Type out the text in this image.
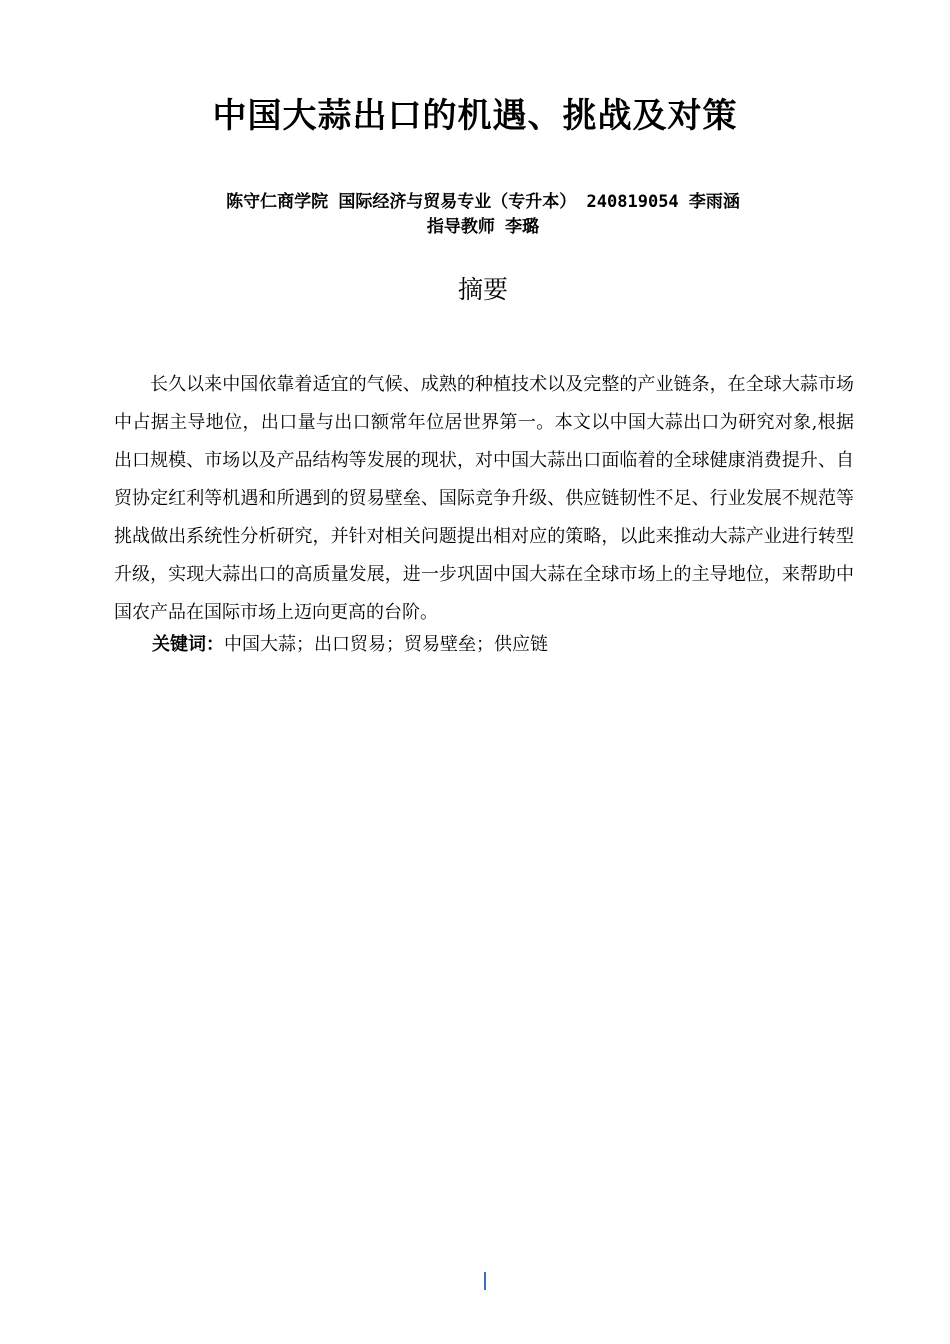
中国大蒜出口的机遇、挑战及对策
陈守仁商学院 国际经济与贸易专业（专升本） 240819054 李雨涵
指导教师 李璐
摘要

长久以来中国依靠着适宜的气候、成熟的种植技术以及完整的产业链条，在全球大蒜市场中占据主导地位，出口量与出口额常年位居世界第一。本文以中国大蒜出口为研究对象,根据出口规模、市场以及产品结构等发展的现状，对中国大蒜出口面临着的全球健康消费提升、自贸协定红利等机遇和所遇到的贸易壁垒、国际竞争升级、供应链韧性不足、行业发展不规范等挑战做出系统性分析研究，并针对相关问题提出相对应的策略，以此来推动大蒜产业进行转型升级，实现大蒜出口的高质量发展，进一步巩固中国大蒜在全球市场上的主导地位，来帮助中国农产品在国际市场上迈向更高的台阶。

关键词：中国大蒜；出口贸易；贸易壁垒；供应链
